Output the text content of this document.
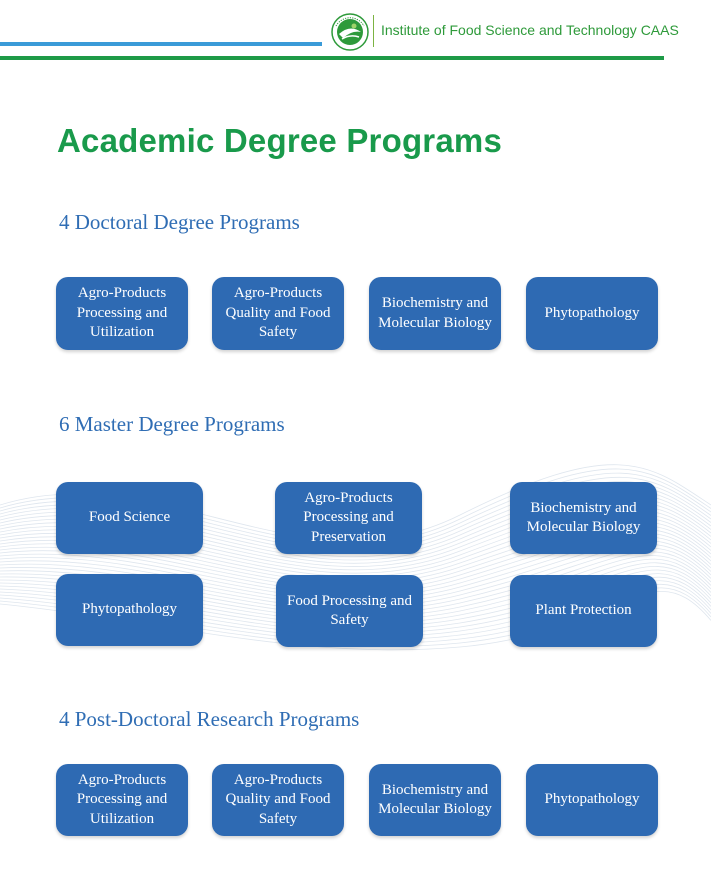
Institute of Food Science and Technology CAAS
Academic Degree Programs
4 Doctoral Degree Programs
Agro-Products Processing and Utilization
Agro-Products Quality and Food Safety
Biochemistry and Molecular Biology
Phytopathology
6 Master Degree Programs
Food Science
Agro-Products Processing and Preservation
Biochemistry and Molecular Biology
Phytopathology
Food Processing and Safety
Plant Protection
4 Post-Doctoral Research Programs
Agro-Products Processing and Utilization
Agro-Products Quality and Food Safety
Biochemistry and Molecular Biology
Phytopathology
